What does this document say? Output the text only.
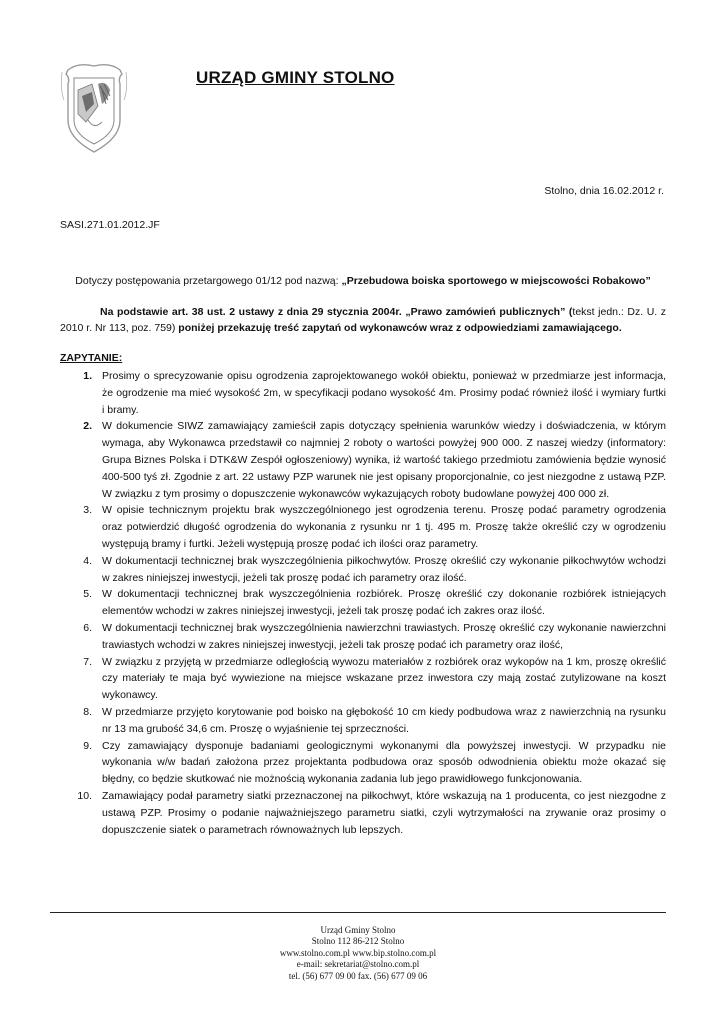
URZĄD GMINY STOLNO
Stolno, dnia 16.02.2012 r.
SASI.271.01.2012.JF
Dotyczy postępowania przetargowego 01/12 pod nazwą: „Przebudowa boiska sportowego w miejscowości Robakowo”
Na podstawie art. 38 ust. 2 ustawy z dnia 29 stycznia 2004r. „Prawo zamówień publicznych” (tekst jedn.: Dz. U. z 2010 r. Nr 113, poz. 759) poniżej przekazuję treść zapytań od wykonawców wraz z odpowiedziami zamawiającego.
ZAPYTANIE:
1. Prosimy o sprecyzowanie opisu ogrodzenia zaprojektowanego wokół obiektu, ponieważ w przedmiarze jest informacja, że ogrodzenie ma mieć wysokość 2m, w specyfikacji podano wysokość 4m. Prosimy podać również ilość i wymiary furtki i bramy.
2. W dokumencie SIWZ zamawiający zamieścił zapis dotyczący spełnienia warunków wiedzy i doświadczenia, w którym wymaga, aby Wykonawca przedstawił co najmniej 2 roboty o wartości powyżej 900 000. Z naszej wiedzy (informatory: Grupa Biznes Polska i DTK&W Zespół ogłoszeniowy) wynika, iż wartość takiego przedmiotu zamówienia będzie wynosić 400-500 tyś zł. Zgodnie z art. 22 ustawy PZP warunek nie jest opisany proporcjonalnie, co jest niezgodne z ustawą PZP. W związku z tym prosimy o dopuszczenie wykonawców wykazujących roboty budowlane powyżej 400 000 zł.
3. W opisie technicznym projektu brak wyszczególnionego jest ogrodzenia terenu. Proszę podać parametry ogrodzenia oraz potwierdzić długość ogrodzenia do wykonania z rysunku nr 1 tj. 495 m. Proszę także określić czy w ogrodzeniu występują bramy i furtki. Jeżeli występują proszę podać ich ilości oraz parametry.
4. W dokumentacji technicznej brak wyszczególnienia piłkochwytów. Proszę określić czy wykonanie piłkochwytów wchodzi w zakres niniejszej inwestycji, jeżeli tak proszę podać ich parametry oraz ilość.
5. W dokumentacji technicznej brak wyszczególnienia rozbiórek. Proszę określić czy dokonanie rozbiórek istniejących elementów wchodzi w zakres niniejszej inwestycji, jeżeli tak proszę podać ich zakres oraz ilość.
6. W dokumentacji technicznej brak wyszczególnienia nawierzchni trawiastych. Proszę określić czy wykonanie nawierzchni trawiastych wchodzi w zakres niniejszej inwestycji, jeżeli tak proszę podać ich parametry oraz ilość,
7. W związku z przyjętą w przedmiarze odległością wywozu materiałów z rozbiórek oraz wykopów na 1 km, proszę określić czy materiały te maja być wywiezione na miejsce wskazane przez inwestora czy mają zostać zutylizowane na koszt wykonawcy.
8. W przedmiarze przyjęto korytowanie pod boisko na głębokość 10 cm kiedy podbudowa wraz z nawierzchnią na rysunku nr 13 ma grubość 34,6 cm. Proszę o wyjaśnienie tej sprzeczności.
9. Czy zamawiający dysponuje badaniami geologicznymi wykonanymi dla powyższej inwestycji. W przypadku nie wykonania w/w badań założona przez projektanta podbudowa oraz sposób odwodnienia obiektu może okazać się błędny, co będzie skutkować nie możnością wykonania zadania lub jego prawidłowego funkcjonowania.
10. Zamawiający podał parametry siatki przeznaczonej na piłkochwyt, które wskazują na 1 producenta, co jest niezgodne z ustawą PZP. Prosimy o podanie najważniejszego parametru siatki, czyli wytrzymałości na zrywanie oraz prosimy o dopuszczenie siatek o parametrach równoważnych lub lepszych.
Urząd Gminy Stolno
Stolno 112 86-212 Stolno
www.stolno.com.pl www.bip.stolno.com.pl
e-mail: sekretariat@stolno.com.pl
tel. (56) 677 09 00 fax. (56) 677 09 06
